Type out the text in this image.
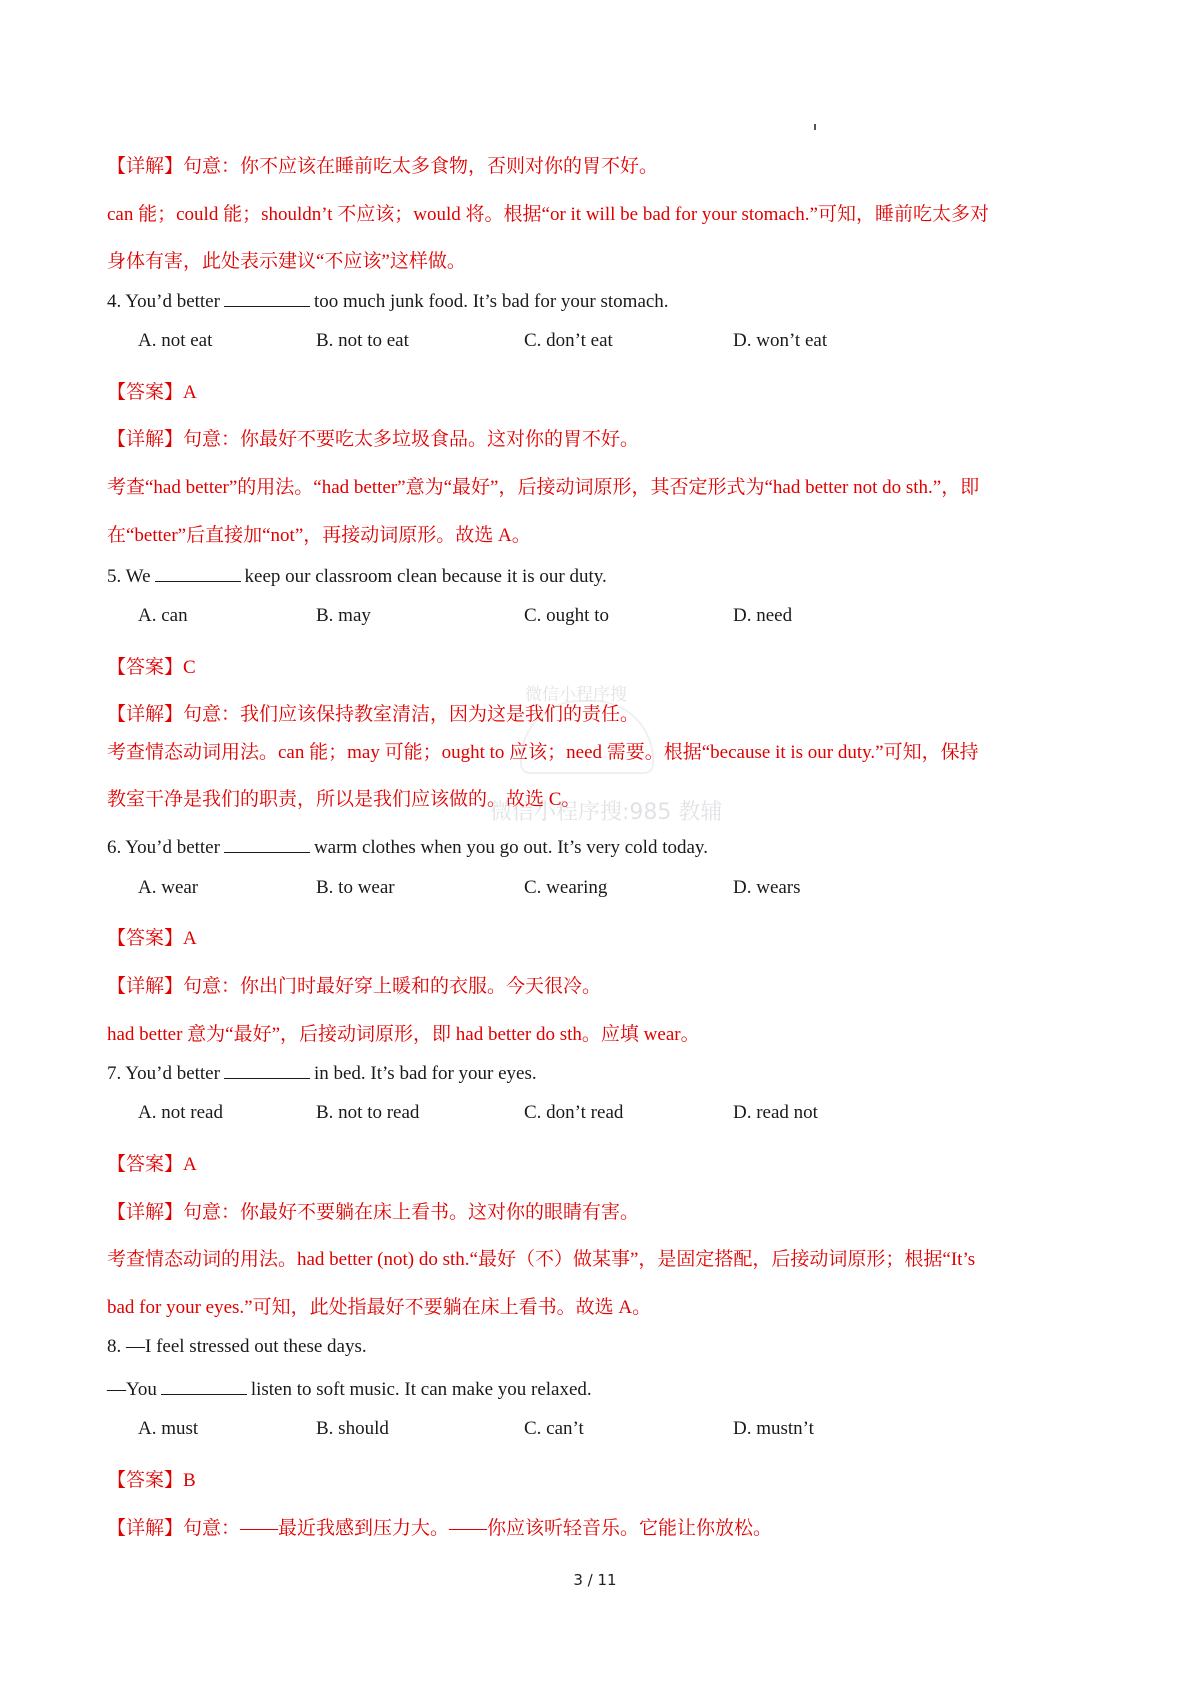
微信小程序搜
微信小程序搜:985 教辅
【详解】句意：你不应该在睡前吃太多食物，否则对你的胃不好。
can 能；could 能；shouldn’t 不应该；would 将。根据“or it will be bad for your stomach.”可知，睡前吃太多对
身体有害，此处表示建议“不应该”这样做。
4. You’d better	too much junk food. It’s bad for your stomach.
A. not eat	B. not to eat	C. don’t eat	D. won’t eat
【答案】A
【详解】句意：你最好不要吃太多垃圾食品。这对你的胃不好。
考查“had better”的用法。“had better”意为“最好”，后接动词原形，其否定形式为“had better not do sth.”，即
在“better”后直接加“not”，再接动词原形。故选 A。
5. We	keep our classroom clean because it is our duty.
A. can	B. may	C. ought to	D. need
【答案】C
【详解】句意：我们应该保持教室清洁，因为这是我们的责任。
考查情态动词用法。can 能；may 可能；ought to 应该；need 需要。根据“because it is our duty.”可知，保持
教室干净是我们的职责，所以是我们应该做的。故选 C。
6. You’d better	warm clothes when you go out. It’s very cold today.
A. wear	B. to wear	C. wearing	D. wears
【答案】A
【详解】句意：你出门时最好穿上暖和的衣服。今天很冷。
had better 意为“最好”，后接动词原形，即 had better do sth。应填 wear。
7. You’d better	in bed. It’s bad for your eyes.
A. not read	B. not to read	C. don’t read	D. read not
【答案】A
【详解】句意：你最好不要躺在床上看书。这对你的眼睛有害。
考查情态动词的用法。had better (not) do sth.“最好（不）做某事”，是固定搭配，后接动词原形；根据“It’s
bad for your eyes.”可知，此处指最好不要躺在床上看书。故选 A。
8. —I feel stressed out these days.
—You	listen to soft music. It can make you relaxed.
A. must	B. should	C. can’t	D. mustn’t
【答案】B
【详解】句意：——最近我感到压力大。——你应该听轻音乐。它能让你放松。
3 / 11
